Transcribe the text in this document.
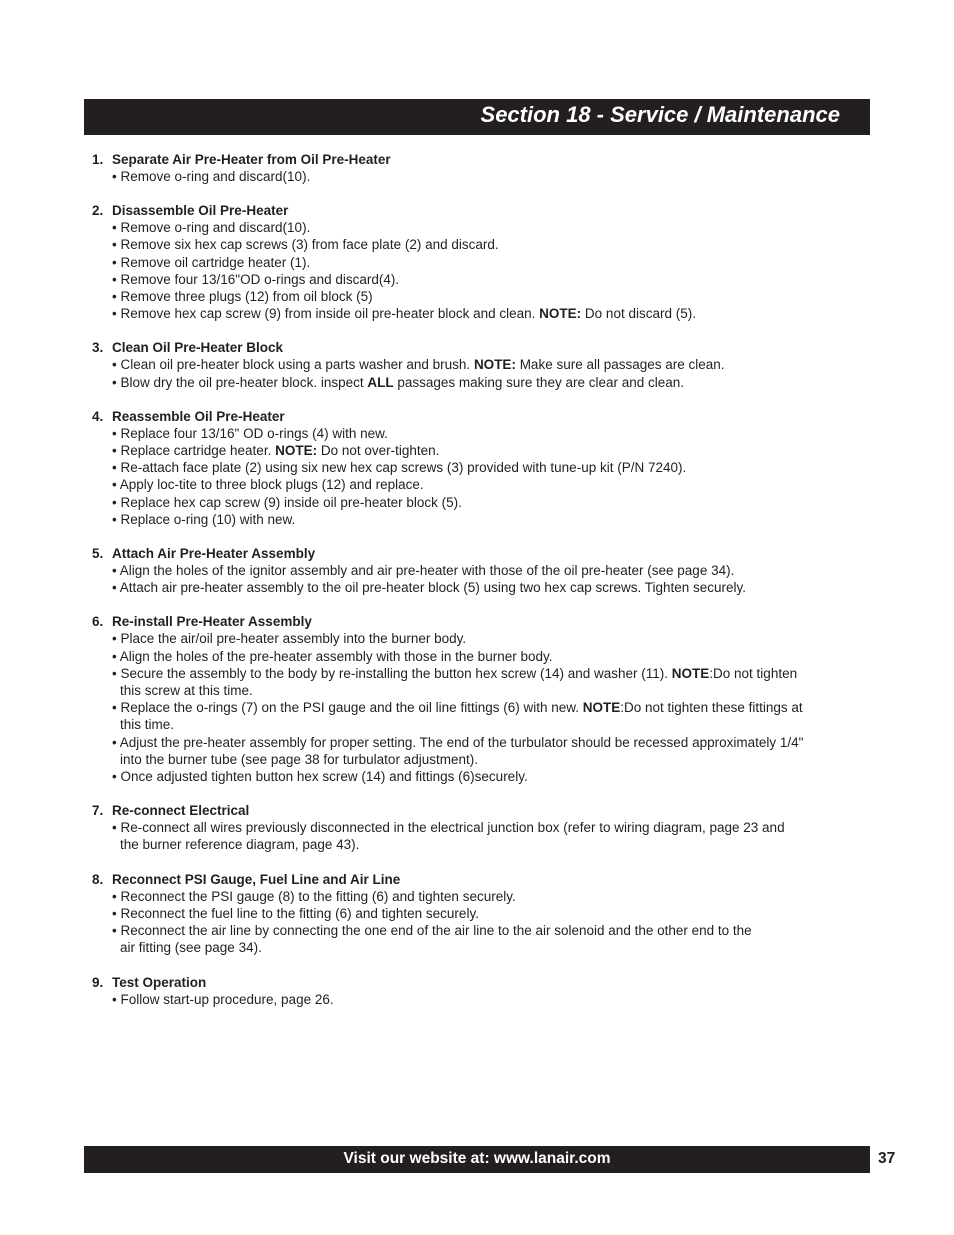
Section 18 - Service / Maintenance
1. Separate Air Pre-Heater from Oil Pre-Heater
• Remove o-ring and discard(10).
2. Disassemble Oil Pre-Heater
• Remove o-ring and discard(10).
• Remove six hex cap screws (3) from face plate (2) and discard.
• Remove oil cartridge heater (1).
• Remove four 13/16"OD o-rings and discard(4).
• Remove three plugs (12) from oil block (5)
• Remove hex cap screw (9) from inside oil pre-heater block and clean. NOTE: Do not discard (5).
3. Clean Oil Pre-Heater Block
• Clean oil pre-heater block using a parts washer and brush. NOTE: Make sure all passages are clean.
• Blow dry the oil pre-heater block. inspect ALL passages making sure they are clear and clean.
4. Reassemble Oil Pre-Heater
• Replace four 13/16" OD o-rings (4) with new.
• Replace cartridge heater. NOTE: Do not over-tighten.
• Re-attach face plate (2) using six new hex cap screws (3) provided with tune-up kit (P/N 7240).
• Apply loc-tite to three block plugs (12) and replace.
• Replace hex cap screw (9) inside oil pre-heater block (5).
• Replace o-ring (10) with new.
5. Attach Air Pre-Heater Assembly
• Align the holes of the ignitor assembly and air pre-heater with those of the oil pre-heater (see page 34).
• Attach air pre-heater assembly to the oil pre-heater block (5) using two hex cap screws. Tighten securely.
6. Re-install Pre-Heater Assembly
• Place the air/oil pre-heater assembly into the burner body.
• Align the holes of the pre-heater assembly with those in the burner body.
• Secure the assembly to the body by re-installing the button hex screw (14) and washer (11). NOTE:Do not tighten
this screw at this time.
• Replace the o-rings (7) on the PSI gauge and the oil line fittings (6) with new. NOTE:Do not tighten these fittings at
this time.
• Adjust the pre-heater assembly for proper setting. The end of the turbulator should be recessed approximately 1/4"
into the burner tube (see page 38 for turbulator adjustment).
• Once adjusted tighten button hex screw (14) and fittings (6)securely.
7. Re-connect Electrical
• Re-connect all wires previously disconnected in the electrical junction box (refer to wiring diagram, page 23 and
the burner reference diagram, page 43).
8. Reconnect PSI Gauge, Fuel Line and Air Line
• Reconnect the PSI gauge (8) to the fitting (6) and tighten securely.
• Reconnect the fuel line to the fitting (6) and tighten securely.
• Reconnect the air line by connecting the one end of the air line to the air solenoid and the other end to the
air fitting (see page 34).
9. Test Operation
• Follow start-up procedure, page 26.
Visit our website at: www.lanair.com	37
